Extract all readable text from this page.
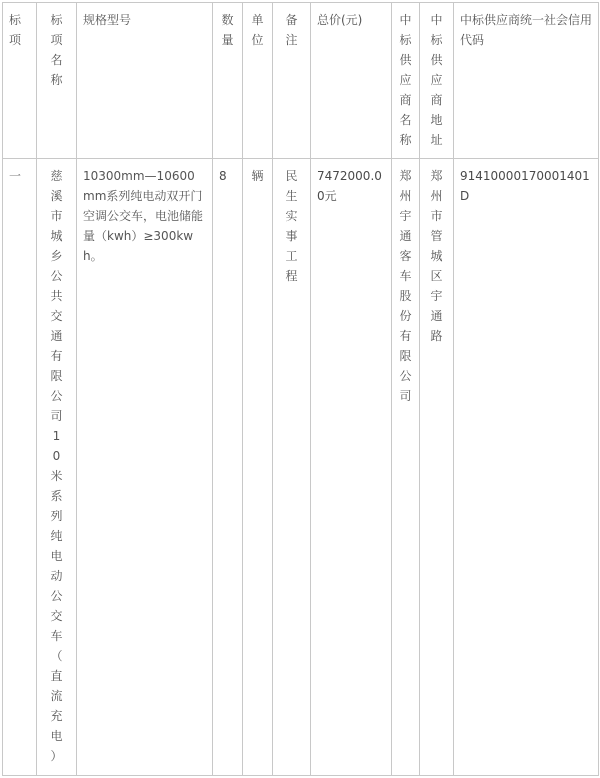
标项	标项名称	规格型号	数量	单位	备注	总价(元)	中标供应商名称	中标供应商地址	中标供应商统一社会信用代码
一	慈溪市城乡公共交通有限公司10米系列纯电动公交车（直流充电）	10300mm—10600mm系列纯电动双开门空调公交车，电池储能量（kwh）≥300kwh。	8	辆	民生实事工程	7472000.00元	郑州宇通客车股份有限公司	郑州市管城区宇通路	91410000170001401D
